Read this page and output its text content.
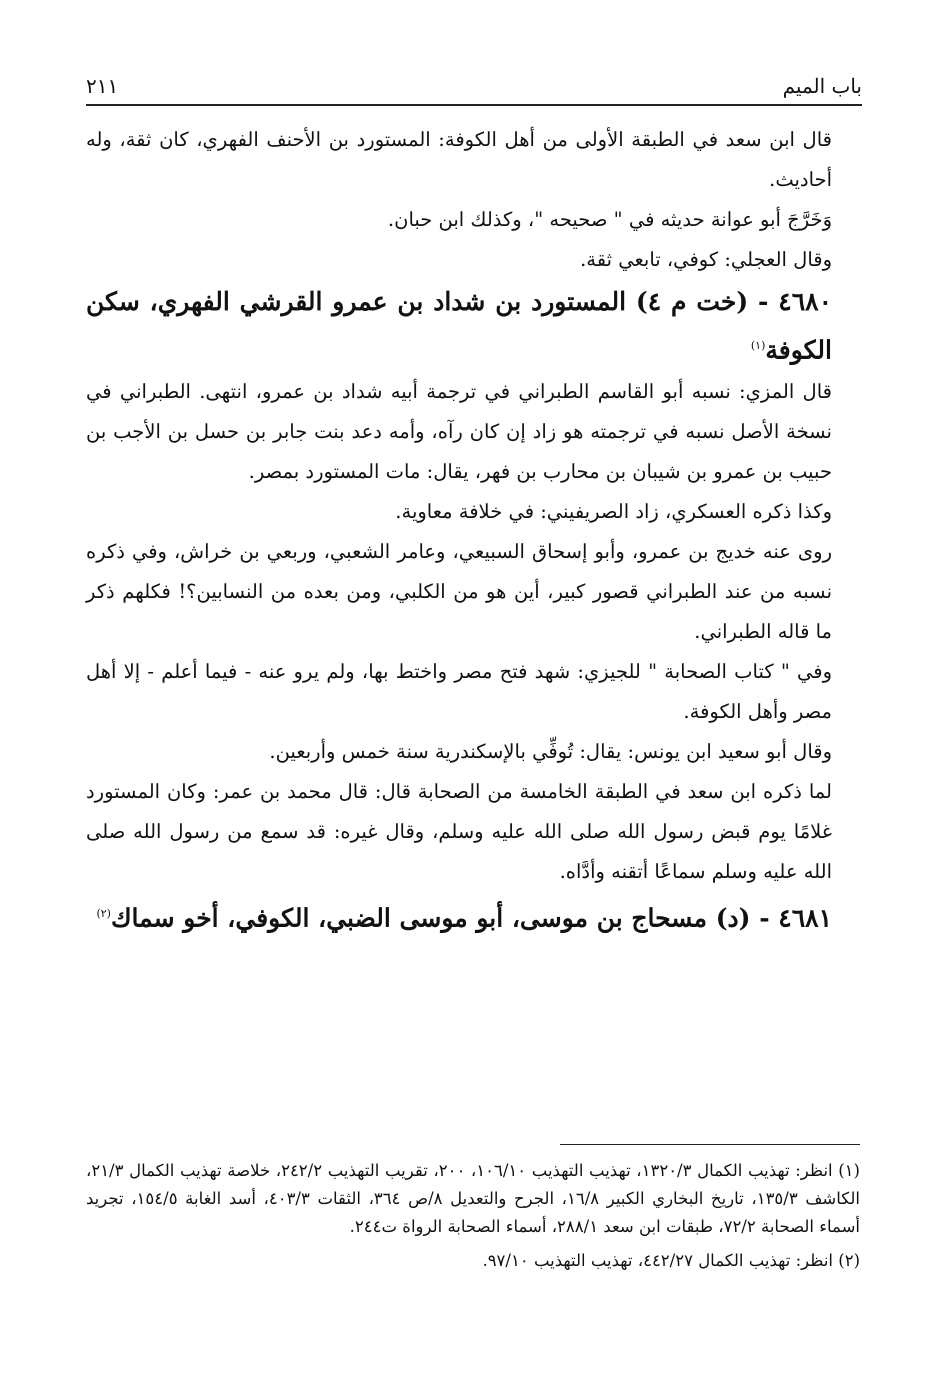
باب الميم
٢١١

قال ابن سعد في الطبقة الأولى من أهل الكوفة: المستورد بن الأحنف الفهري، كان ثقة، وله أحاديث.

وَخَرَّجَ أبو عوانة حديثه في " صحيحه "، وكذلك ابن حبان.

وقال العجلي: كوفي، تابعي ثقة.

٤٦٨٠ - (خت م ٤) المستورد بن شداد بن عمرو القرشي الفهري، سكن الكوفة$^{(١)}$

قال المزي: نسبه أبو القاسم الطبراني في ترجمة أبيه شداد بن عمرو، انتهى. الطبراني في نسخة الأصل نسبه في ترجمته هو زاد إن كان رآه، وأمه دعد بنت جابر بن حسل بن الأجب بن حبيب بن عمرو بن شيبان بن محارب بن فهر، يقال: مات المستورد بمصر.

وكذا ذكره العسكري، زاد الصريفيني: في خلافة معاوية.

روى عنه خديج بن عمرو، وأبو إسحاق السبيعي، وعامر الشعبي، وربعي بن خراش، وفي ذكره نسبه من عند الطبراني قصور كبير، أين هو من الكلبي، ومن بعده من النسابين؟! فكلهم ذكر ما قاله الطبراني.

وفي " كتاب الصحابة " للجيزي: شهد فتح مصر واختط بها، ولم يرو عنه - فيما أعلم - إلا أهل مصر وأهل الكوفة.

وقال أبو سعيد ابن يونس: يقال: تُوفِّي بالإسكندرية سنة خمس وأربعين.

لما ذكره ابن سعد في الطبقة الخامسة من الصحابة قال: قال محمد بن عمر: وكان المستورد غلامًا يوم قبض رسول الله صلى الله عليه وسلم، وقال غيره: قد سمع من رسول الله صلى الله عليه وسلم سماعًا أتقنه وأدَّاه.

٤٦٨١ - (د) مسحاج بن موسى، أبو موسى الضبي، الكوفي، أخو سماك$^{(٢)}$

(١) انظر: تهذيب الكمال ١٣٢٠/٣، تهذيب التهذيب ١٠٦/١٠، ٢٠٠، تقريب التهذيب ٢٤٢/٢، خلاصة تهذيب الكمال ٢١/٣، الكاشف ١٣٥/٣، تاريخ البخاري الكبير ١٦/٨، الجرح والتعديل ٨/ص ٣٦٤، الثقات ٤٠٣/٣، أسد الغابة ١٥٤/٥، تجريد أسماء الصحابة ٧٢/٢، طبقات ابن سعد ٢٨٨/١، أسماء الصحابة الرواة ت٢٤٤.

(٢) انظر: تهذيب الكمال ٤٤٢/٢٧، تهذيب التهذيب ٩٧/١٠.
